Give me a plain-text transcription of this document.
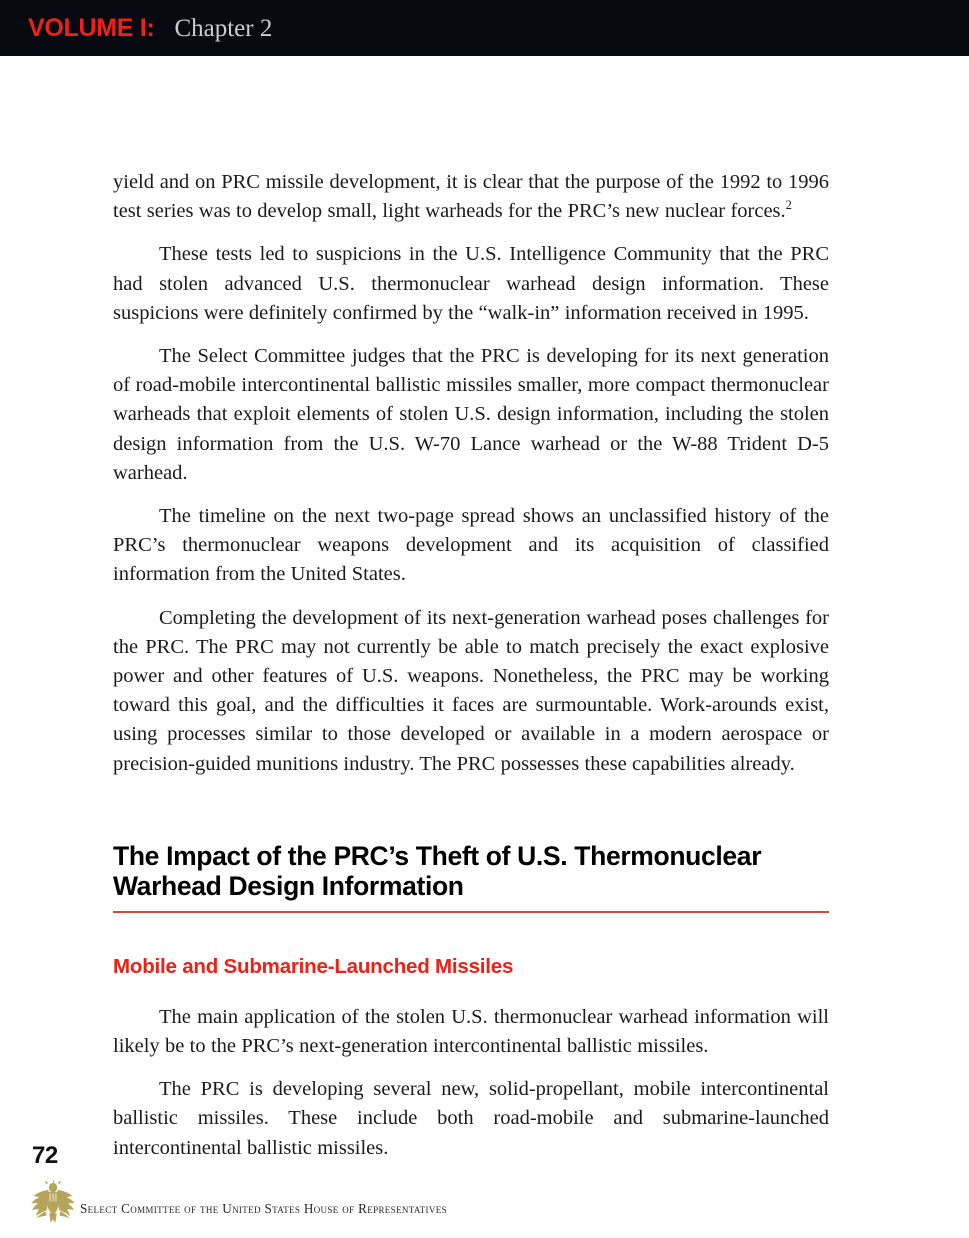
VOLUME I: Chapter 2

yield and on PRC missile development, it is clear that the purpose of the 1992 to 1996 test series was to develop small, light warheads for the PRC’s new nuclear forces.$^2$

These tests led to suspicions in the U.S. Intelligence Community that the PRC had stolen advanced U.S. thermonuclear warhead design information. These suspicions were definitely confirmed by the “walk-in” information received in 1995.

The Select Committee judges that the PRC is developing for its next generation of road-mobile intercontinental ballistic missiles smaller, more compact thermonuclear warheads that exploit elements of stolen U.S. design information, including the stolen design information from the U.S. W-70 Lance warhead or the W-88 Trident D-5 warhead.

The timeline on the next two-page spread shows an unclassified history of the PRC’s thermonuclear weapons development and its acquisition of classified information from the United States.

Completing the development of its next-generation warhead poses challenges for the PRC. The PRC may not currently be able to match precisely the exact explosive power and other features of U.S. weapons. Nonetheless, the PRC may be working toward this goal, and the difficulties it faces are surmountable. Work-arounds exist, using processes similar to those developed or available in a modern aerospace or precision-guided munitions industry. The PRC possesses these capabilities already.

The Impact of the PRC’s Theft of U.S. Thermonuclear Warhead Design Information
Mobile and Submarine-Launched Missiles

The main application of the stolen U.S. thermonuclear warhead information will likely be to the PRC’s next-generation intercontinental ballistic missiles.

The PRC is developing several new, solid-propellant, mobile intercontinental ballistic missiles. These include both road-mobile and submarine-launched intercontinental ballistic missiles.

72
Select Committee of the United States House of Representatives
